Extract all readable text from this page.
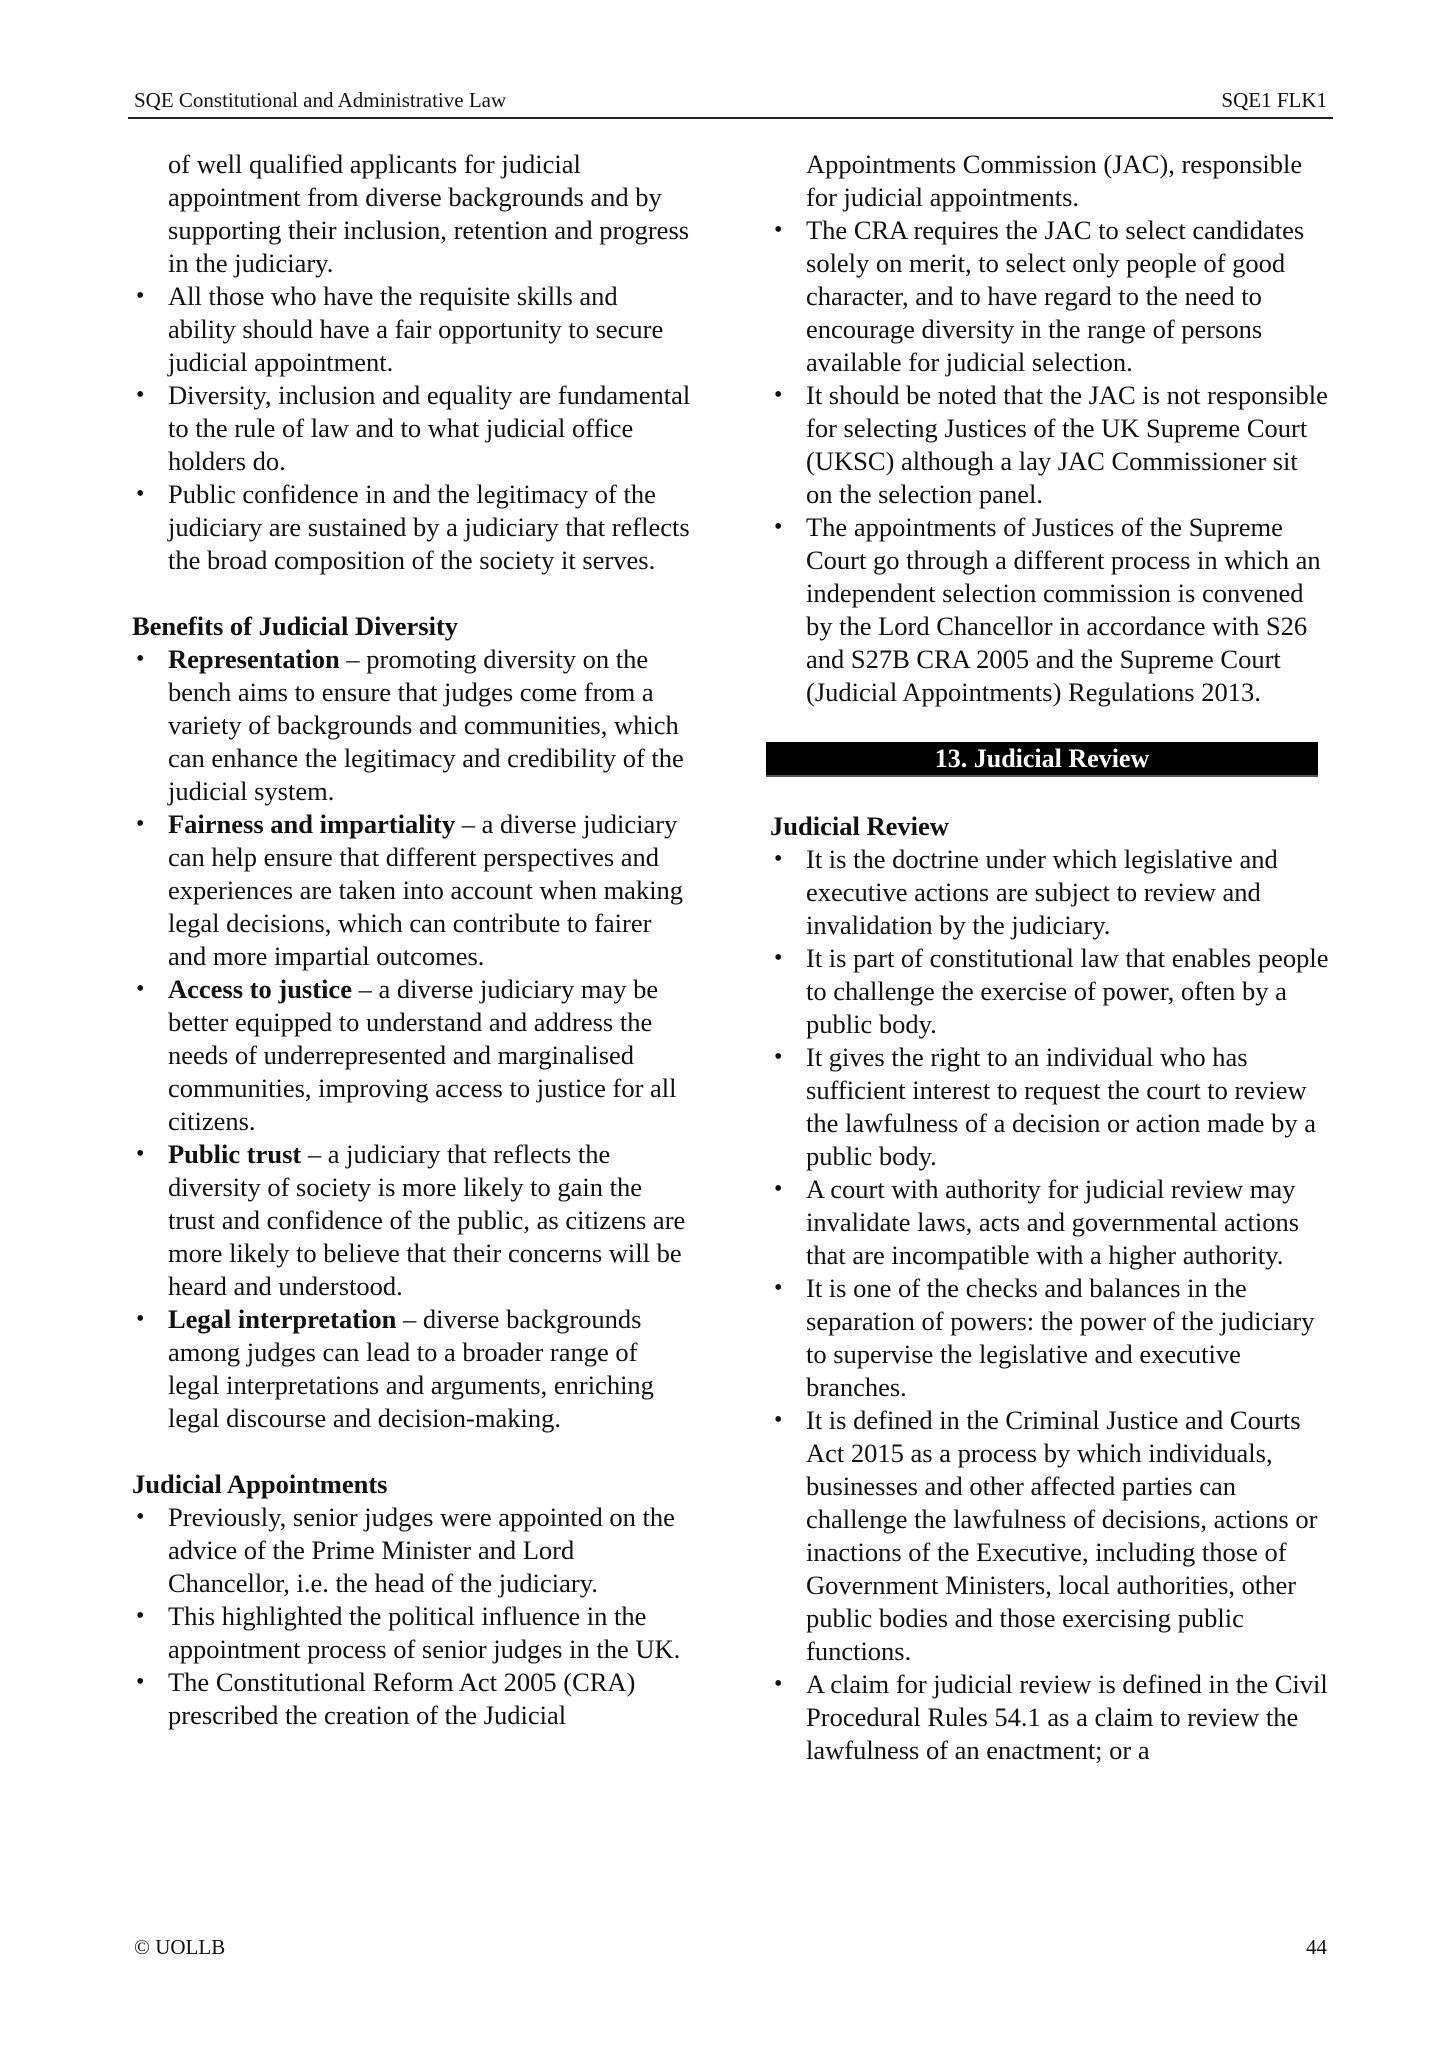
SQE Constitutional and Administrative Law	SQE1 FLK1
of well qualified applicants for judicial appointment from diverse backgrounds and by supporting their inclusion, retention and progress in the judiciary.
• All those who have the requisite skills and ability should have a fair opportunity to secure judicial appointment.
• Diversity, inclusion and equality are fundamental to the rule of law and to what judicial office holders do.
• Public confidence in and the legitimacy of the judiciary are sustained by a judiciary that reflects the broad composition of the society it serves.
Benefits of Judicial Diversity
• Representation – promoting diversity on the bench aims to ensure that judges come from a variety of backgrounds and communities, which can enhance the legitimacy and credibility of the judicial system.
• Fairness and impartiality – a diverse judiciary can help ensure that different perspectives and experiences are taken into account when making legal decisions, which can contribute to fairer and more impartial outcomes.
• Access to justice – a diverse judiciary may be better equipped to understand and address the needs of underrepresented and marginalised communities, improving access to justice for all citizens.
• Public trust – a judiciary that reflects the diversity of society is more likely to gain the trust and confidence of the public, as citizens are more likely to believe that their concerns will be heard and understood.
• Legal interpretation – diverse backgrounds among judges can lead to a broader range of legal interpretations and arguments, enriching legal discourse and decision-making.
Judicial Appointments
• Previously, senior judges were appointed on the advice of the Prime Minister and Lord Chancellor, i.e. the head of the judiciary.
• This highlighted the political influence in the appointment process of senior judges in the UK.
• The Constitutional Reform Act 2005 (CRA) prescribed the creation of the Judicial
Appointments Commission (JAC), responsible for judicial appointments.
• The CRA requires the JAC to select candidates solely on merit, to select only people of good character, and to have regard to the need to encourage diversity in the range of persons available for judicial selection.
• It should be noted that the JAC is not responsible for selecting Justices of the UK Supreme Court (UKSC) although a lay JAC Commissioner sit on the selection panel.
• The appointments of Justices of the Supreme Court go through a different process in which an independent selection commission is convened by the Lord Chancellor in accordance with S26 and S27B CRA 2005 and the Supreme Court (Judicial Appointments) Regulations 2013.
13. Judicial Review
Judicial Review
• It is the doctrine under which legislative and executive actions are subject to review and invalidation by the judiciary.
• It is part of constitutional law that enables people to challenge the exercise of power, often by a public body.
• It gives the right to an individual who has sufficient interest to request the court to review the lawfulness of a decision or action made by a public body.
• A court with authority for judicial review may invalidate laws, acts and governmental actions that are incompatible with a higher authority.
• It is one of the checks and balances in the separation of powers: the power of the judiciary to supervise the legislative and executive branches.
• It is defined in the Criminal Justice and Courts Act 2015 as a process by which individuals, businesses and other affected parties can challenge the lawfulness of decisions, actions or inactions of the Executive, including those of Government Ministers, local authorities, other public bodies and those exercising public functions.
• A claim for judicial review is defined in the Civil Procedural Rules 54.1 as a claim to review the lawfulness of an enactment; or a
© UOLLB	44
